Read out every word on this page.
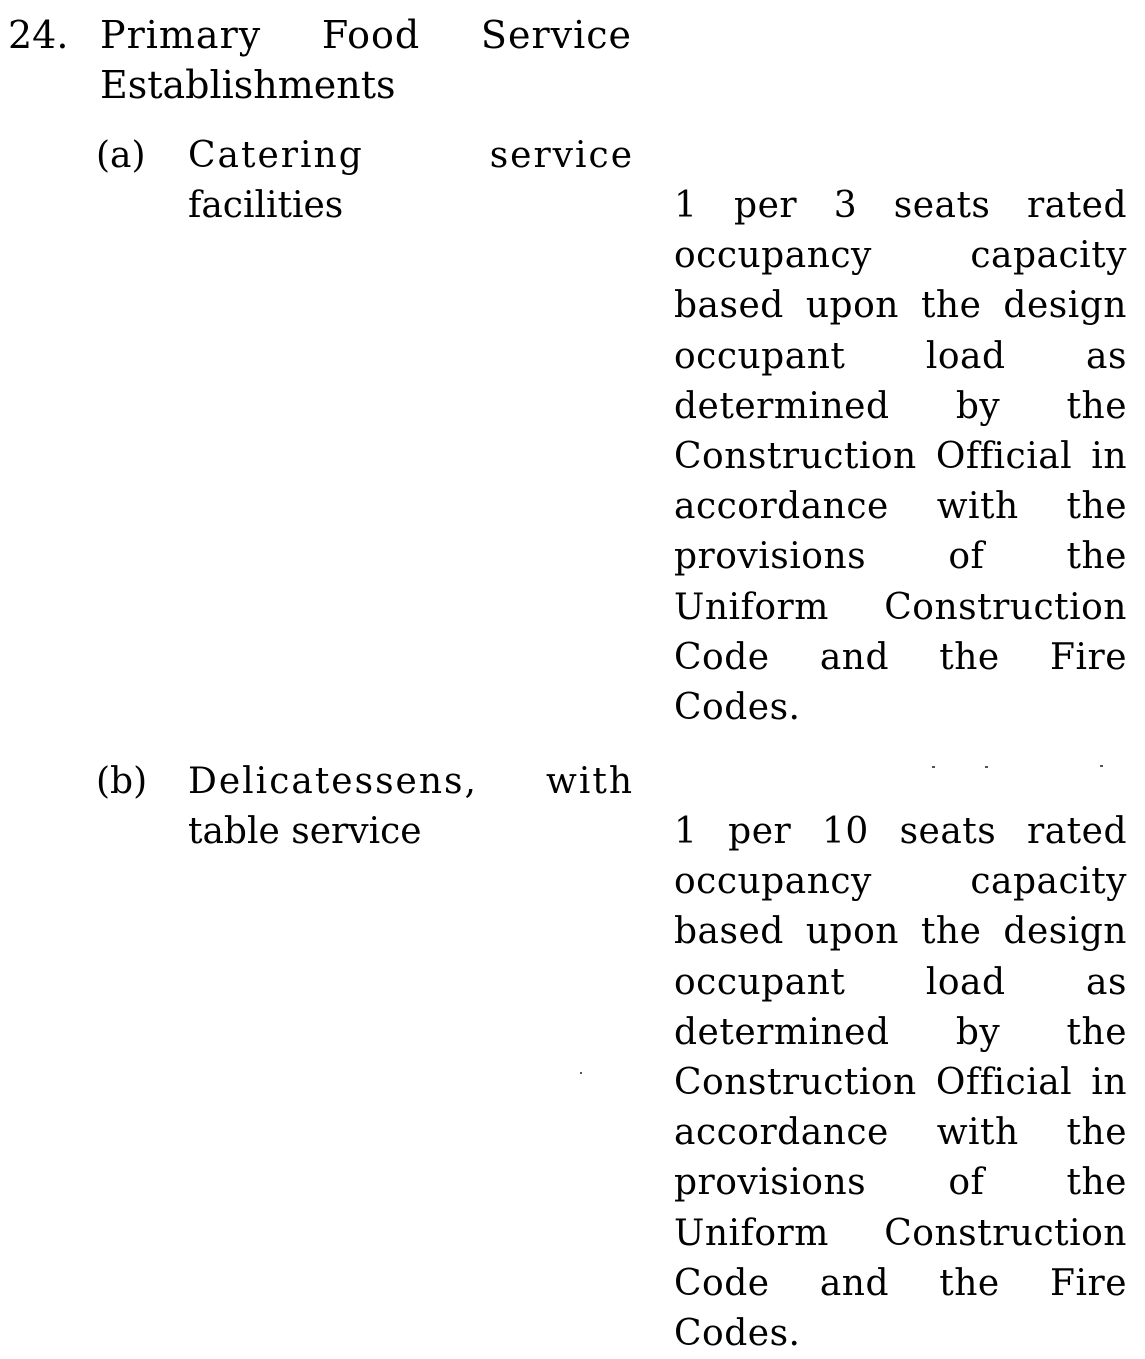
24. Primary Food Service
Establishments
(a) Catering service
facilities	1 per 3 seats rated occupancy capacity based upon the design occupant load as determined by the Construction Official in accordance with the provisions of the Uniform Construction Code and the Fire Codes.
(b) Delicatessens, with
table service	1 per 10 seats rated occupancy capacity based upon the design occupant load as determined by the Construction Official in accordance with the provisions of the Uniform Construction Code and the Fire Codes.
